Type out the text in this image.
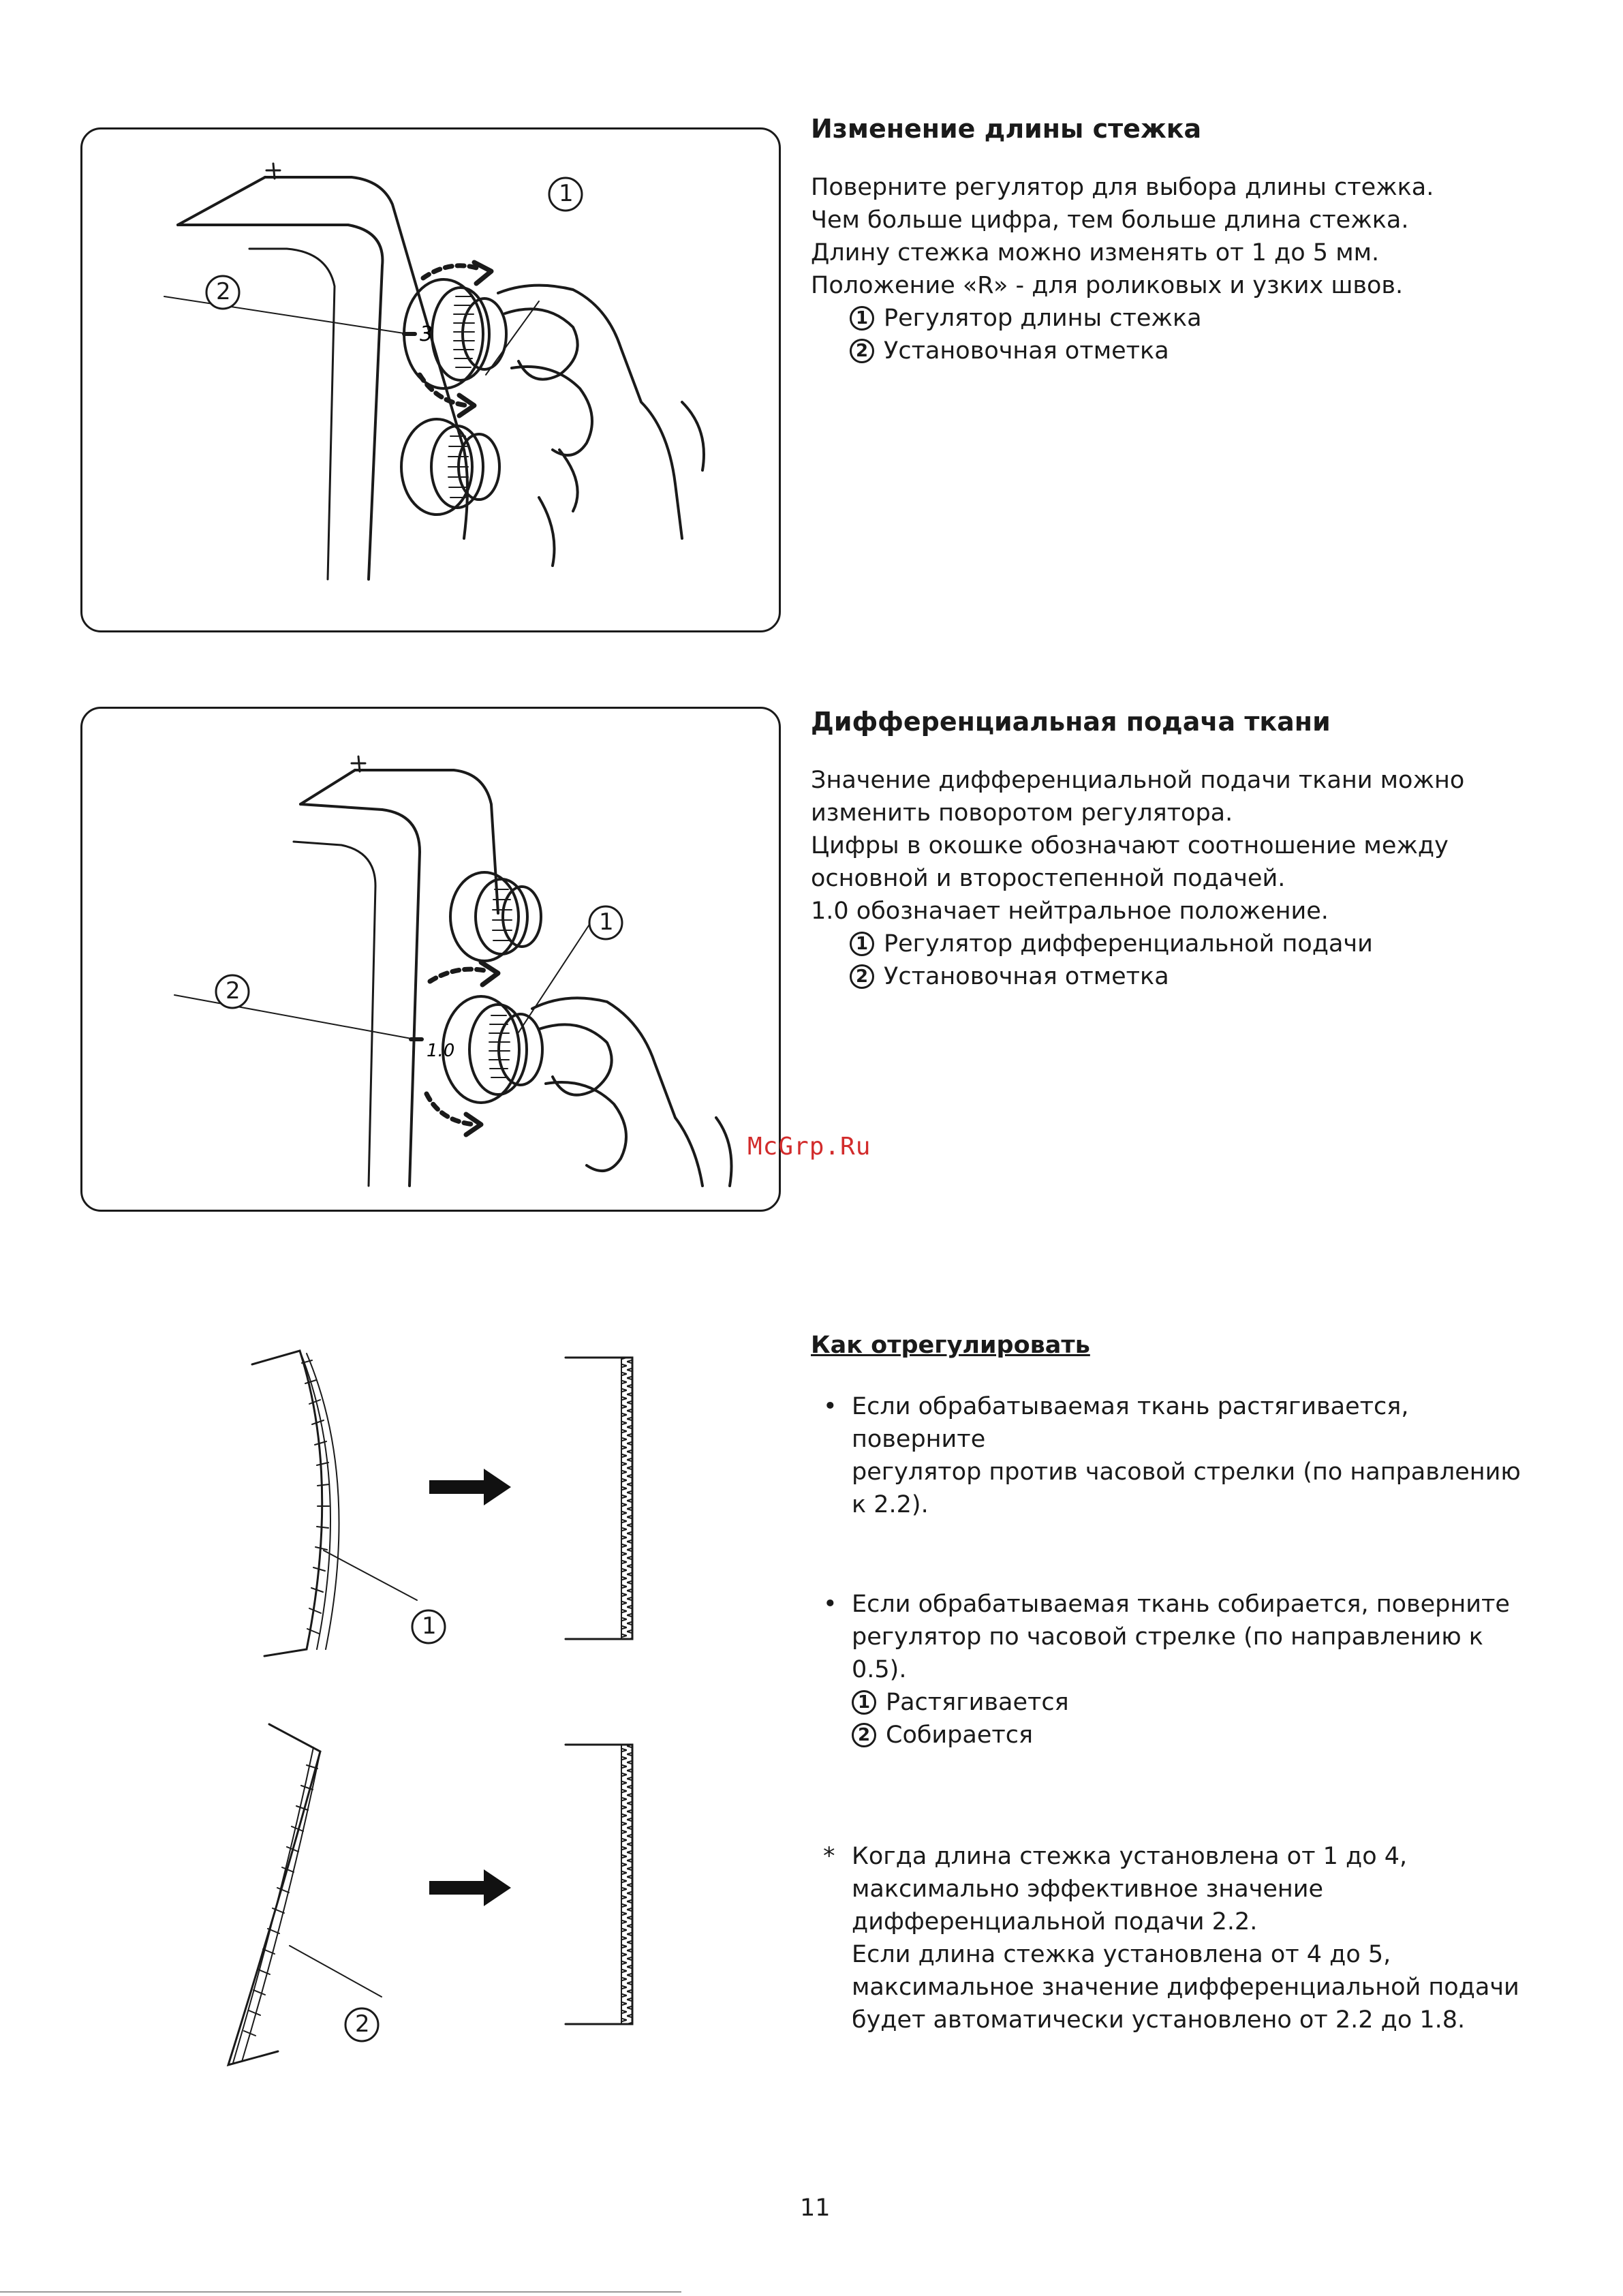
3
1
2

Изменение длины стежка

Поверните регулятор для выбора длины стежка.

Чем больше цифра, тем больше длина стежка.

Длину стежка можно изменять от 1 до 5 мм.

Положение «R» - для роликовых и узких швов.

1 Регулятор длины стежка
2 Установочная отметка
1.0
1
2

Дифференциальная подача ткани

Значение дифференциальной подачи ткани можно

изменить поворотом регулятора.

Цифры в окошке обозначают соотношение между

основной и второстепенной подачей.

1.0 обозначает нейтральное положение.

1 Регулятор дифференциальной подачи
2 Установочная отметка
McGrp.Ru
1
2

Как отрегулировать

• Если обрабатываемая ткань растягивается, поверните
регулятор против часовой стрелки (по направлению
к 2.2).
• Если обрабатываемая ткань собирается, поверните
регулятор по часовой стрелке (по направлению к 0.5).
1 Растягивается
2 Собирается
* Когда длина стежка установлена от 1 до 4,
максимально эффективное значение
дифференциальной подачи 2.2.
Если длина стежка установлена от 4 до 5,
максимальное значение дифференциальной подачи
будет автоматически установлено от 2.2 до 1.8.
11
